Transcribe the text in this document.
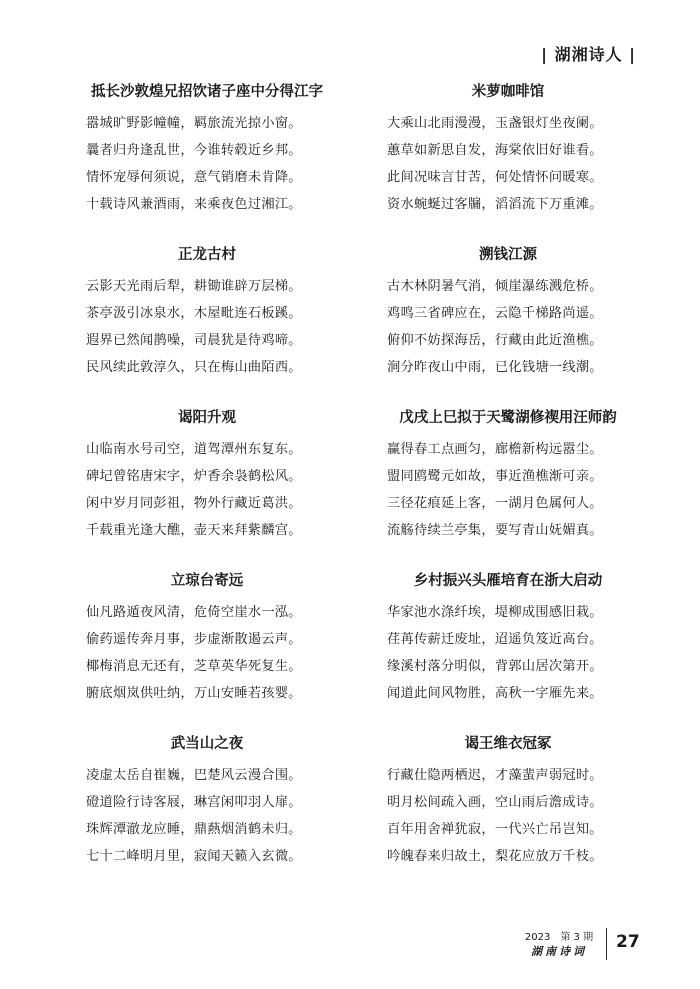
| 湖湘诗人 |
抵长沙敦煌兄招饮诸子座中分得江字
嚣城旷野影幢幢，羁旅流光掠小窗。
曩者归舟逢乱世，今谁转毂近乡邦。
情怀宠辱何须说，意气销磨未肯降。
十载诗风兼酒雨，来乘夜色过湘江。
正龙古村
云影天光雨后犁，耕锄谁辟万层梯。
茶亭汲引冰泉水，木屋毗连石板蹊。
遐界已然闻鹊噪，司晨犹是待鸡啼。
民风续此敦淳久，只在梅山曲陌西。
谒阳升观
山临南水号司空，道驾潭州东复东。
碑圮曾铭唐宋字，炉香余袅鹤松风。
闲中岁月同彭祖，物外行藏近葛洪。
千载重光逢大醮，壶天来拜紫麟宫。
立琼台寄远
仙凡路遁夜风清，危倚空崖水一泓。
偷药遥传奔月事，步虚渐散遏云声。
椰梅消息无还有，芝草英华死复生。
腑底烟岚供吐纳，万山安睡若孩婴。
武当山之夜
凌虚太岳自崔巍，巴楚风云漫合围。
磴道险行诗客屐，琳宫闲叩羽人扉。
珠辉潭澈龙应睡，鼎爇烟消鹤未归。
七十二峰明月里，寂闻天籁入玄微。
米萝咖啡馆
大乘山北雨漫漫，玉盏银灯坐夜阑。
蕙草如新思自发，海棠依旧好谁看。
此间况味言甘苦，何处情怀问暖寒。
资水蜿蜒过客牖，滔滔流下万重滩。
溯钱江源
古木林阴暑气消，倾崖瀑练溅危桥。
鸡鸣三省碑应在，云隐千梯路尚遥。
俯仰不妨探海岳，行藏由此近渔樵。
涧分昨夜山中雨，已化钱塘一线潮。
戊戌上巳拟于天鹭湖修禊用汪师韵
赢得春工点画匀，廊檐新构远嚣尘。
盟同鸥鹭元如故，事近渔樵渐可亲。
三径花痕延上客，一湖月色属何人。
流觞待续兰亭集，要写青山妩媚真。
乡村振兴头雁培育在浙大启动
华家池水涤纤埃，堤柳成围感旧栽。
荏苒传薪迁废址，迢遥负笈近高台。
缘溪村落分明似，背郭山居次第开。
闻道此间风物胜，高秋一字雁先来。
谒王维衣冠冢
行藏仕隐两栖迟，才藻蜚声弱冠时。
明月松间疏入画，空山雨后澹成诗。
百年用舍禅犹寂，一代兴亡吊岂知。
吟魄春来归故土，梨花应放万千枝。
2023　第 3 期
湖南诗词	27
